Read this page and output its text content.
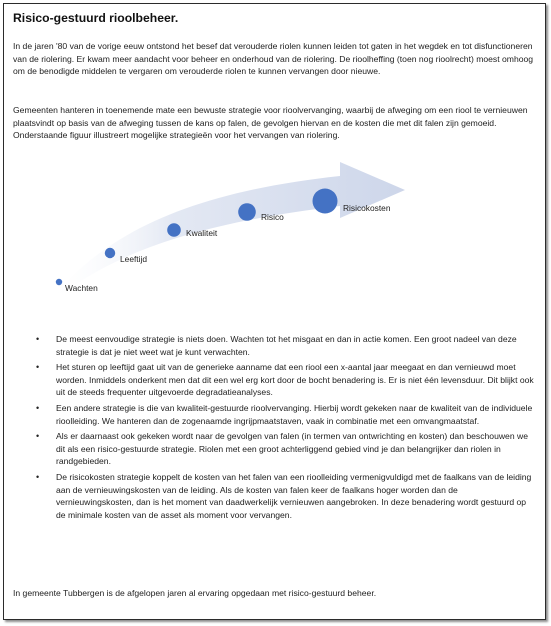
Risico-gestuurd rioolbeheer.

In de jaren '80 van de vorige eeuw ontstond het besef dat verouderde riolen kunnen leiden tot gaten in het wegdek en tot disfunctioneren van de riolering. Er kwam meer aandacht voor beheer en onderhoud van de riolering. De rioolheffing (toen nog rioolrecht) moest omhoog om de benodigde middelen te vergaren om verouderde riolen te kunnen vervangen door nieuwe.

Gemeenten hanteren in toenemende mate een bewuste strategie voor rioolvervanging, waarbij de afweging om een riool te vernieuwen plaatsvindt op basis van de afweging tussen de kans op falen, de gevolgen hiervan en de kosten die met dit falen zijn gemoeid. Onderstaande figuur illustreert mogelijke strategieën voor het vervangen van riolering.

Wachten
Leeftijd
Kwaliteit
Risico
Risicokosten
• De meest eenvoudige strategie is niets doen. Wachten tot het misgaat en dan in actie komen. Een groot nadeel van deze strategie is dat je niet weet wat je kunt verwachten.
• Het sturen op leeftijd gaat uit van de generieke aanname dat een riool een x-aantal jaar meegaat en dan vernieuwd moet worden. Inmiddels onderkent men dat dit een wel erg kort door de bocht benadering is. Er is niet één levensduur. Dit blijkt ook uit de steeds frequenter uitgevoerde degradatieanalyses.
• Een andere strategie is die van kwaliteit-gestuurde rioolvervanging. Hierbij wordt gekeken naar de kwaliteit van de individuele rioolleiding. We hanteren dan de zogenaamde ingrijpmaatstaven, vaak in combinatie met een omvangmaatstaf.
• Als er daarnaast ook gekeken wordt naar de gevolgen van falen (in termen van ontwrichting en kosten) dan beschouwen we dit als een risico-gestuurde strategie. Riolen met een groot achterliggend gebied vind je dan belangrijker dan riolen in randgebieden.
• De risicokosten strategie koppelt de kosten van het falen van een rioolleiding vermenigvuldigd met de faalkans van de leiding aan de vernieuwingskosten van de leiding. Als de kosten van falen keer de faalkans hoger worden dan de vernieuwingskosten, dan is het moment van daadwerkelijk vernieuwen aangebroken. In deze benadering wordt gestuurd op de minimale kosten van de asset als moment voor vervangen.

In gemeente Tubbergen is de afgelopen jaren al ervaring opgedaan met risico-gestuurd beheer.
